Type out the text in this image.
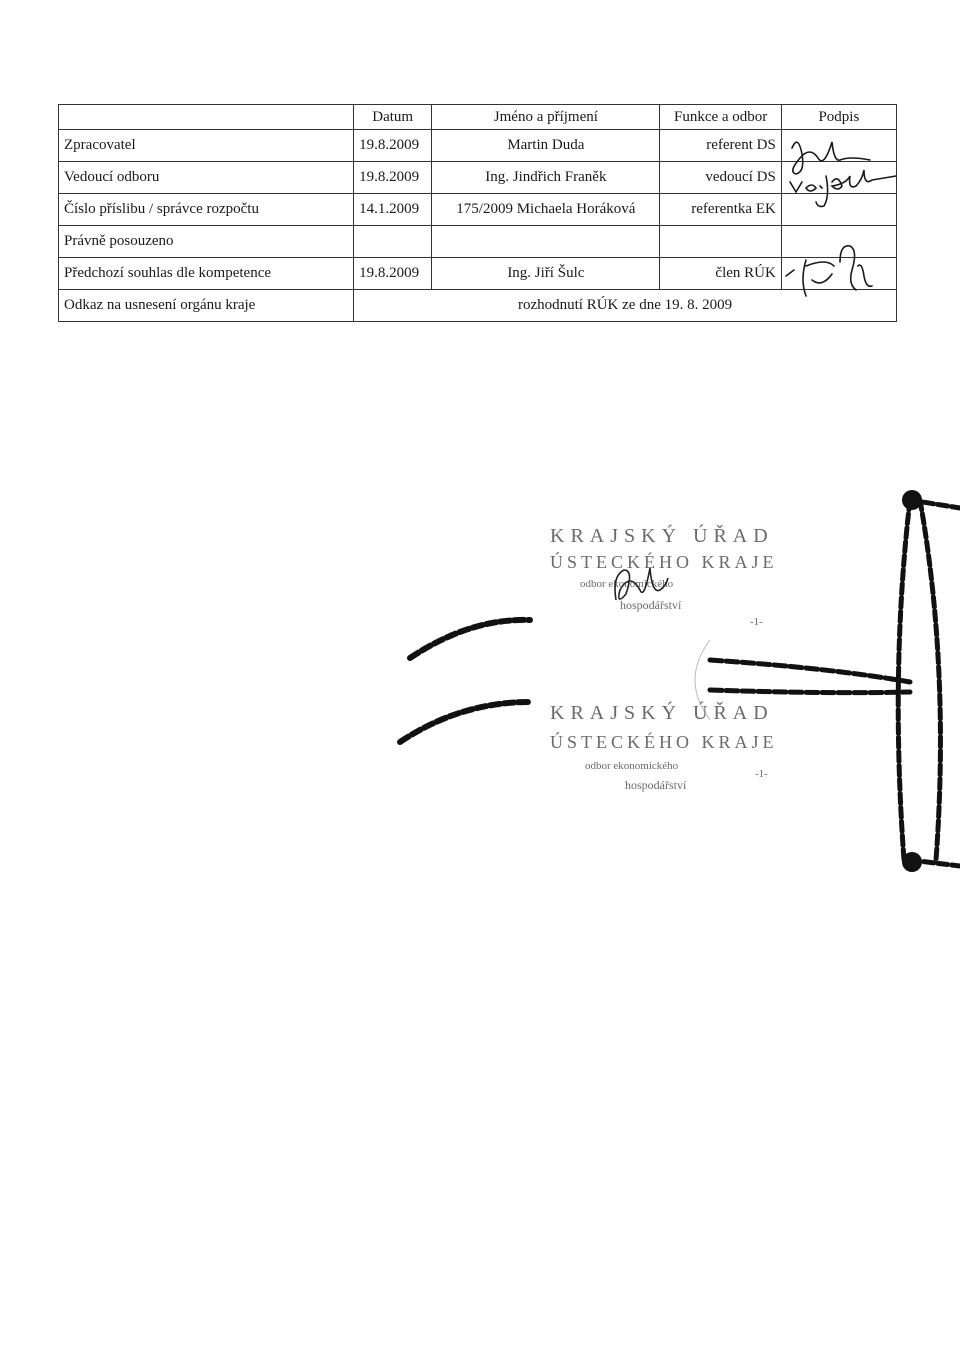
	Datum	Jméno a příjmení	Funkce a odbor	Podpis
Zpracovatel	19.8.2009	Martin Duda	referent DS	
Vedoucí odboru	19.8.2009	Ing. Jindřich Franěk	vedoucí DS	
Číslo příslibu / správce rozpočtu	14.1.2009	175/2009 Michaela Horáková	referentka EK	
Právně posouzeno				
Předchozí souhlas dle kompetence	19.8.2009	Ing. Jiří Šulc	člen RÚK	
Odkaz na usnesení orgánu kraje	rozhodnutí RÚK ze dne 19. 8. 2009			
KRAJSKÝ ÚŘAD
ÚSTECKÉHO KRAJE
odbor ekonomického
hospodářství
-1-
KRAJSKÝ ÚŘAD
ÚSTECKÉHO KRAJE
odbor ekonomického
hospodářství
-1-
